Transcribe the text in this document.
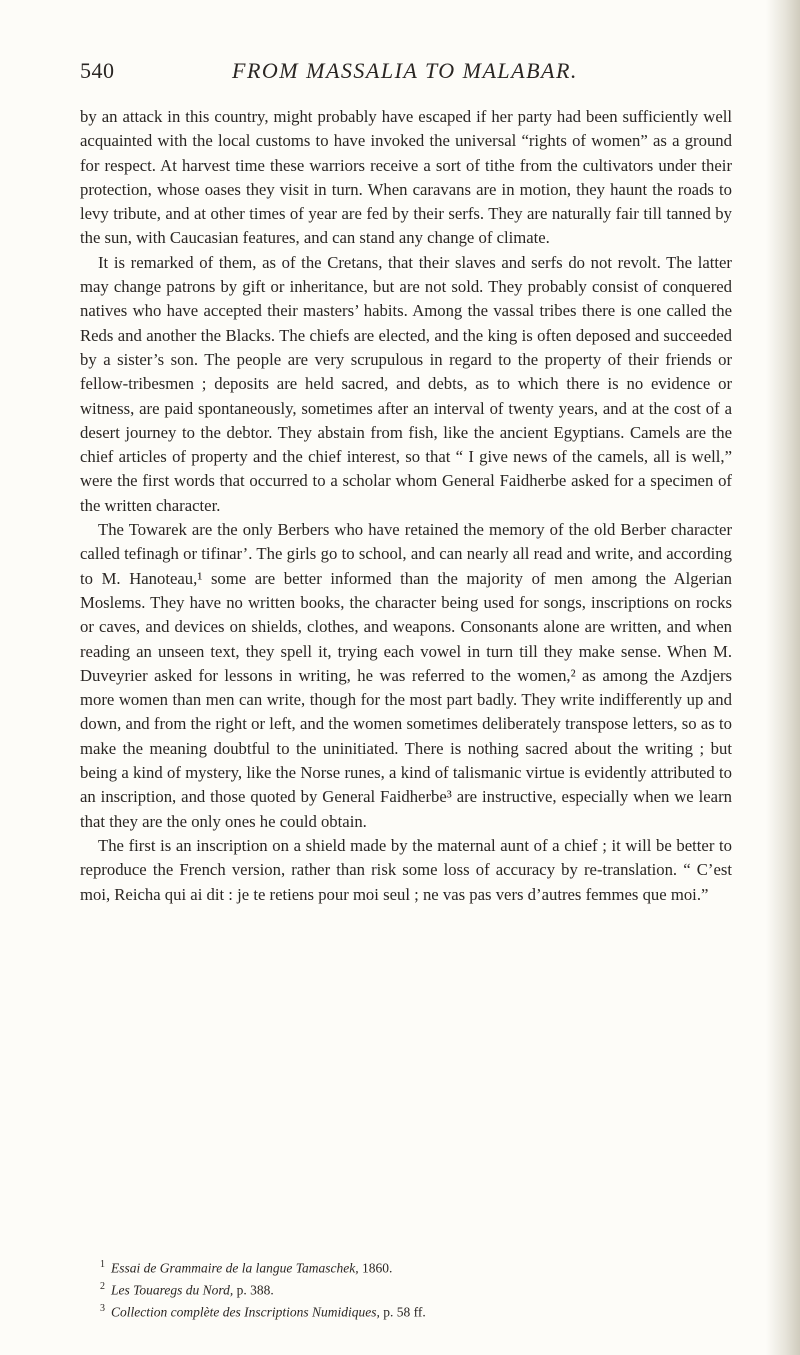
540	FROM MASSALIA TO MALABAR.

by an attack in this country, might probably have escaped if her party had been sufficiently well acquainted with the local customs to have invoked the universal “rights of women” as a ground for respect. At harvest time these warriors receive a sort of tithe from the cultivators under their protection, whose oases they visit in turn. When caravans are in motion, they haunt the roads to levy tribute, and at other times of year are fed by their serfs. They are naturally fair till tanned by the sun, with Caucasian features, and can stand any change of climate.

It is remarked of them, as of the Cretans, that their slaves and serfs do not revolt. The latter may change patrons by gift or inheritance, but are not sold. They probably consist of conquered natives who have accepted their masters’ habits. Among the vassal tribes there is one called the Reds and another the Blacks. The chiefs are elected, and the king is often deposed and succeeded by a sister’s son. The people are very scrupulous in regard to the property of their friends or fellow-tribesmen ; deposits are held sacred, and debts, as to which there is no evidence or witness, are paid spontaneously, sometimes after an interval of twenty years, and at the cost of a desert journey to the debtor. They abstain from fish, like the ancient Egyptians. Camels are the chief articles of property and the chief interest, so that “ I give news of the camels, all is well,” were the first words that occurred to a scholar whom General Faidherbe asked for a specimen of the written character.

The Towarek are the only Berbers who have retained the memory of the old Berber character called tefinagh or tifinar’. The girls go to school, and can nearly all read and write, and according to M. Hanoteau,¹ some are better informed than the majority of men among the Algerian Moslems. They have no written books, the character being used for songs, inscriptions on rocks or caves, and devices on shields, clothes, and weapons. Consonants alone are written, and when reading an unseen text, they spell it, trying each vowel in turn till they make sense. When M. Duveyrier asked for lessons in writing, he was referred to the women,² as among the Azdjers more women than men can write, though for the most part badly. They write indifferently up and down, and from the right or left, and the women sometimes deliberately transpose letters, so as to make the meaning doubtful to the uninitiated. There is nothing sacred about the writing ; but being a kind of mystery, like the Norse runes, a kind of talismanic virtue is evidently attributed to an inscription, and those quoted by General Faidherbe³ are instructive, especially when we learn that they are the only ones he could obtain.

The first is an inscription on a shield made by the maternal aunt of a chief ; it will be better to reproduce the French version, rather than risk some loss of accuracy by re-translation. “ C’est moi, Reicha qui ai dit : je te retiens pour moi seul ; ne vas pas vers d’autres femmes que moi.”

$^1$ Essai de Grammaire de la langue Tamaschek, 1860.

$^2$ Les Touaregs du Nord, p. 388.

$^3$ Collection complète des Inscriptions Numidiques, p. 58 ff.
